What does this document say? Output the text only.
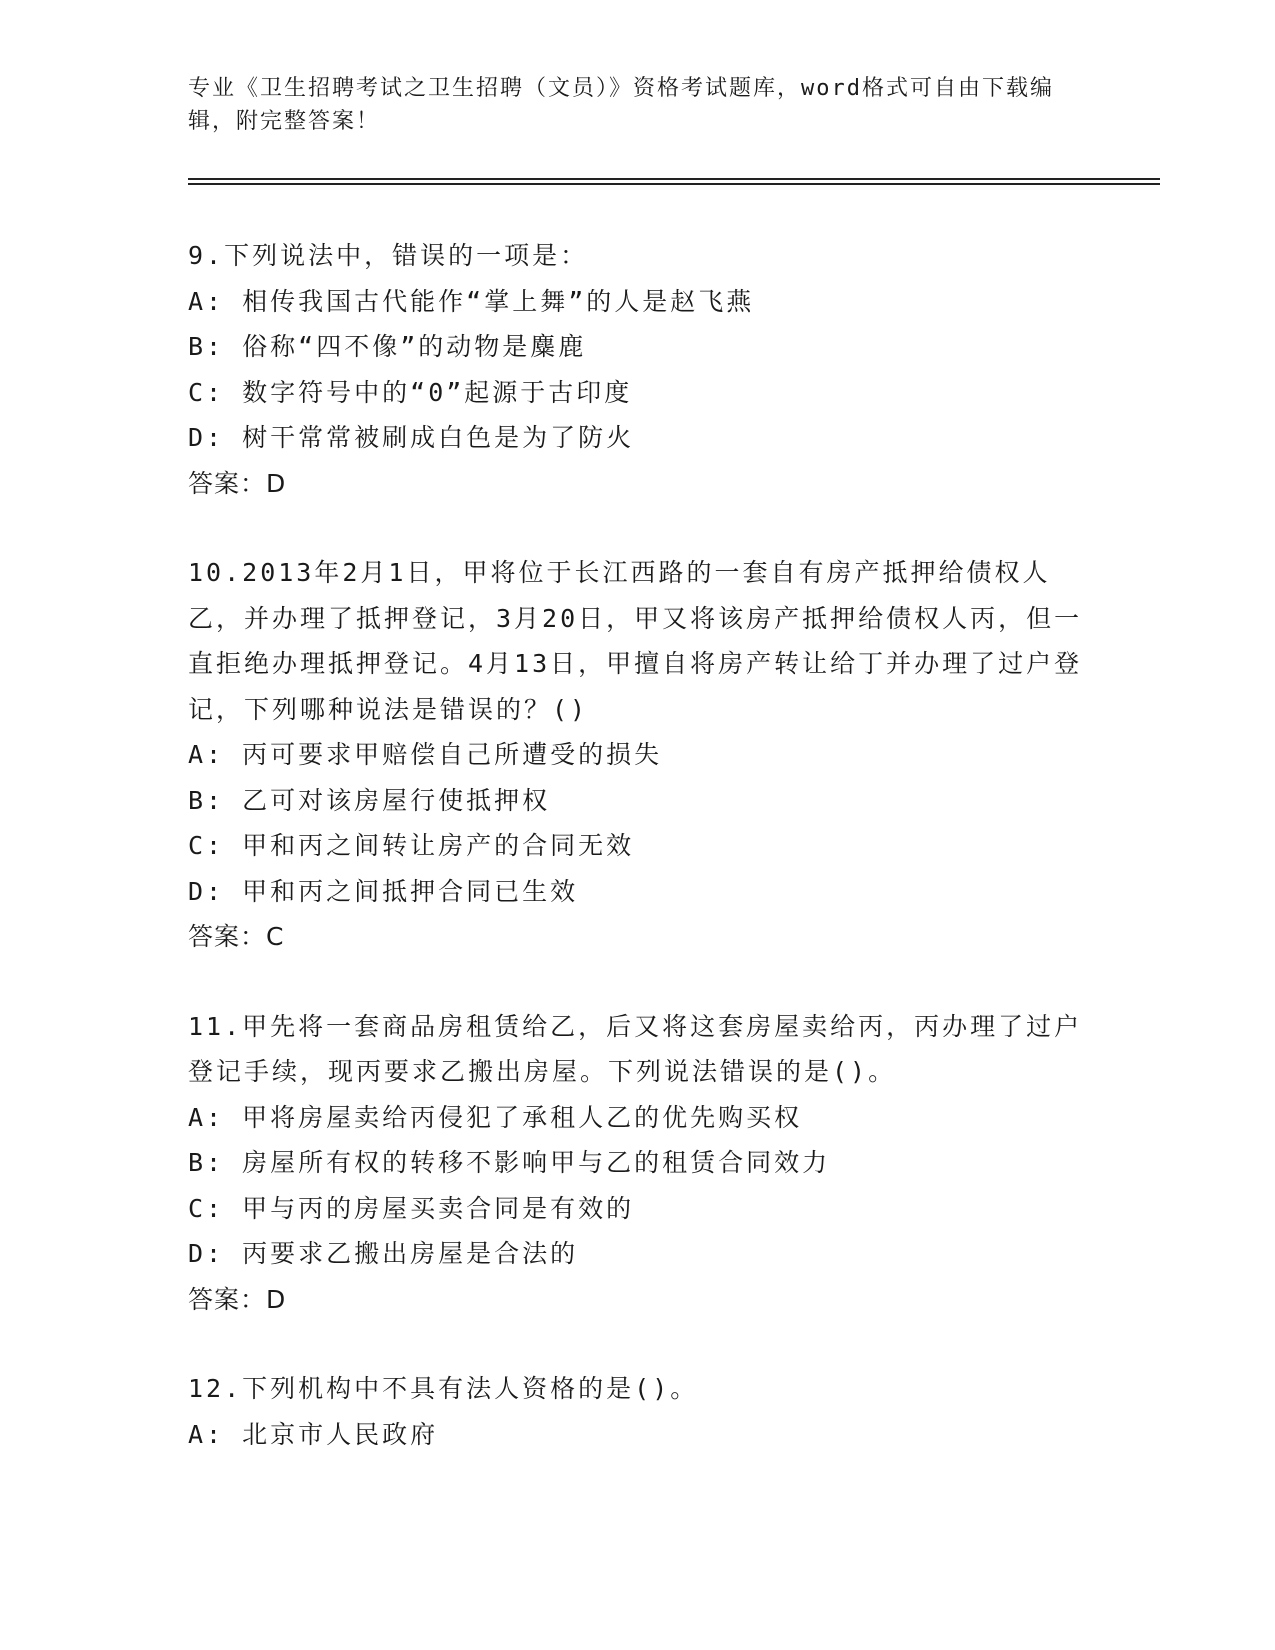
专业《卫生招聘考试之卫生招聘（文员）》资格考试题库，word格式可自由下载编辑，附完整答案！

9.下列说法中，错误的一项是：

A: 相传我国古代能作“掌上舞”的人是赵飞燕

B: 俗称“四不像”的动物是麋鹿

C: 数字符号中的“0”起源于古印度

D: 树干常常被刷成白色是为了防火

答案：D

10.2013年2月1日，甲将位于长江西路的一套自有房产抵押给债权人乙，并办理了抵押登记，3月20日，甲又将该房产抵押给债权人丙，但一直拒绝办理抵押登记。4月13日，甲擅自将房产转让给丁并办理了过户登记，下列哪种说法是错误的？()

A: 丙可要求甲赔偿自己所遭受的损失

B: 乙可对该房屋行使抵押权

C: 甲和丙之间转让房产的合同无效

D: 甲和丙之间抵押合同已生效

答案：C

11.甲先将一套商品房租赁给乙，后又将这套房屋卖给丙，丙办理了过户登记手续，现丙要求乙搬出房屋。下列说法错误的是()。

A: 甲将房屋卖给丙侵犯了承租人乙的优先购买权

B: 房屋所有权的转移不影响甲与乙的租赁合同效力

C: 甲与丙的房屋买卖合同是有效的

D: 丙要求乙搬出房屋是合法的

答案：D

12.下列机构中不具有法人资格的是()。

A: 北京市人民政府
